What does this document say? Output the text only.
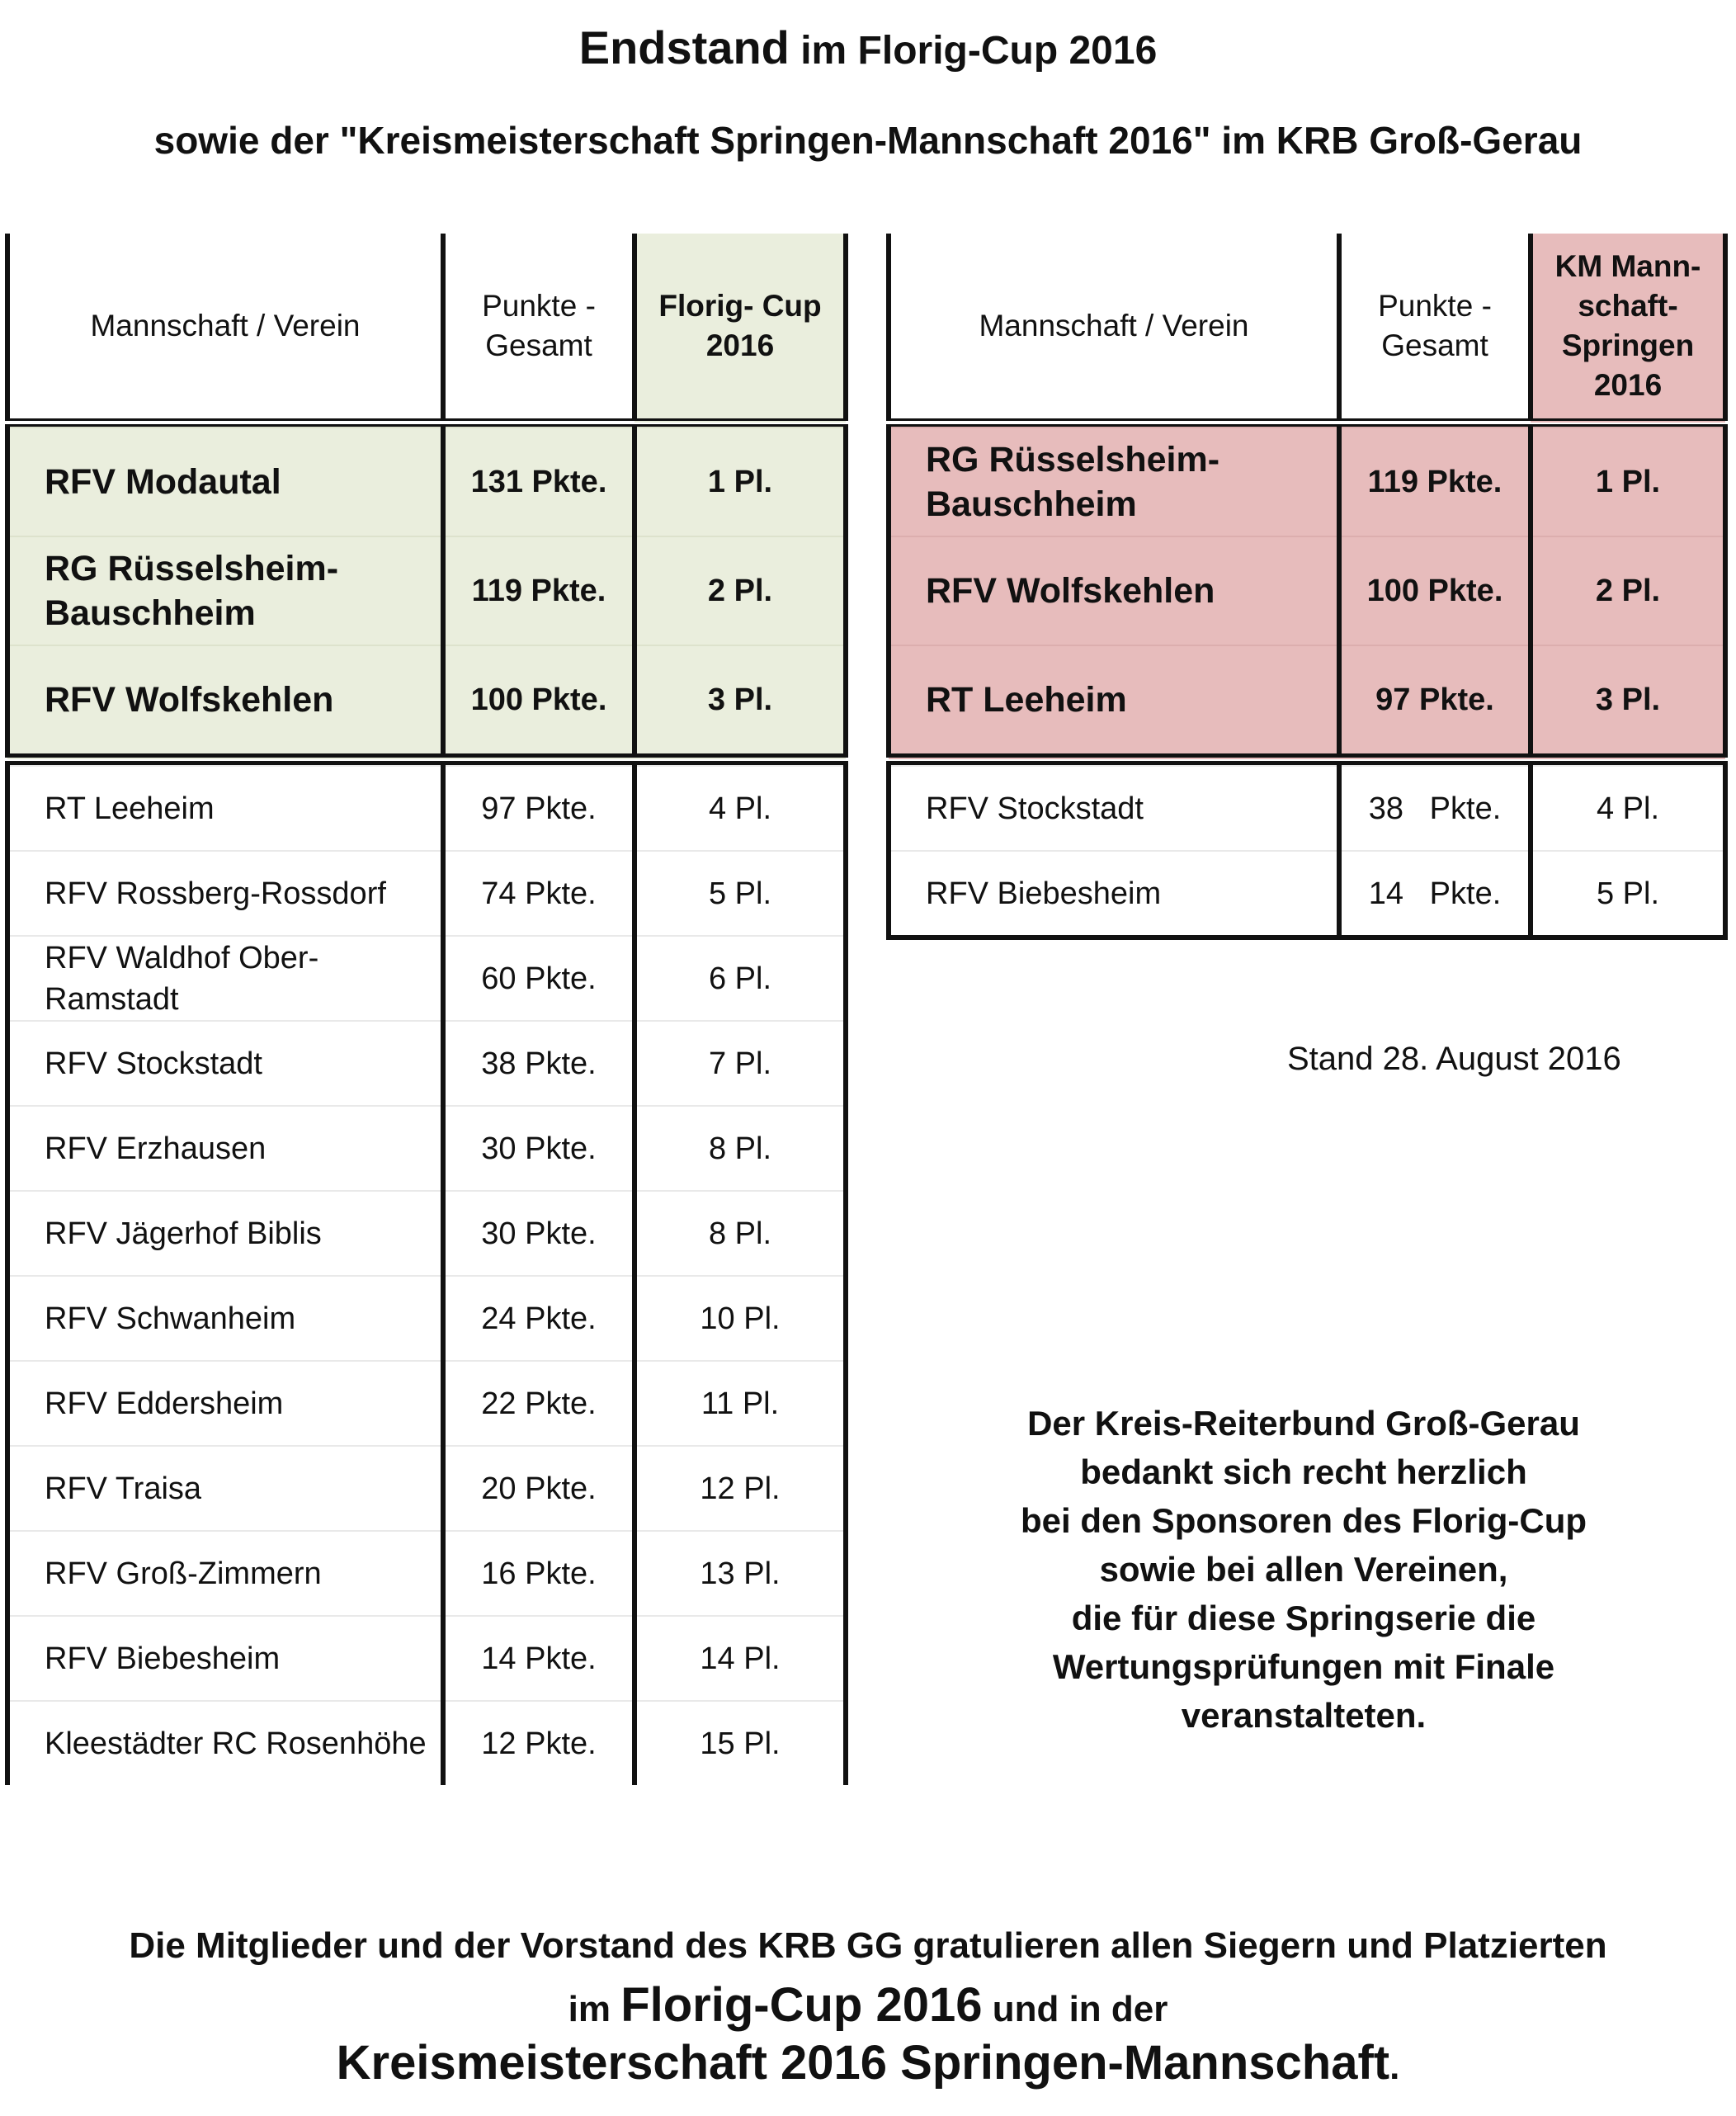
Endstand im Florig-Cup 2016
sowie der "Kreismeisterschaft Springen-Mannschaft 2016" im KRB Groß-Gerau
Mannschaft / Verein	Punkte - Gesamt	Florig- Cup 2016

RFV Modautal	131 Pkte.	1 Pl.
RG Rüsselsheim- Bauschheim	119 Pkte.	2 Pl.
RFV Wolfskehlen	100 Pkte.	3 Pl.

RT Leeheim	97 Pkte.	4 Pl.
RFV Rossberg-Rossdorf	74 Pkte.	5 Pl.
RFV Waldhof Ober-Ramstadt	60 Pkte.	6 Pl.
RFV Stockstadt	38 Pkte.	7 Pl.
RFV Erzhausen	30 Pkte.	8 Pl.
RFV Jägerhof Biblis	30 Pkte.	8 Pl.
RFV Schwanheim	24 Pkte.	10 Pl.
RFV Eddersheim	22 Pkte.	11 Pl.
RFV Traisa	20 Pkte.	12 Pl.
RFV Groß-Zimmern	16 Pkte.	13 Pl.
RFV Biebesheim	14 Pkte.	14 Pl.
Kleestädter RC Rosenhöhe	12 Pkte.	15 Pl.
Mannschaft / Verein	Punkte - Gesamt	KM Mann- schaft- Springen 2016

RG Rüsselsheim- Bauschheim	119 Pkte.	1 Pl.
RFV Wolfskehlen	100 Pkte.	2 Pl.
RT Leeheim	97 Pkte.	3 Pl.

RFV Stockstadt	38   Pkte.	4 Pl.
RFV Biebesheim	14   Pkte.	5 Pl.
Stand 28. August 2016
Der Kreis-Reiterbund Groß-Gerau
bedankt sich recht herzlich
bei den Sponsoren des Florig-Cup
sowie bei allen Vereinen,
die für diese Springserie die
Wertungsprüfungen mit Finale
veranstalteten.
Die Mitglieder und der Vorstand des KRB GG gratulieren allen Siegern und Platzierten
im Florig-Cup 2016 und in der
Kreismeisterschaft 2016 Springen-Mannschaft.
